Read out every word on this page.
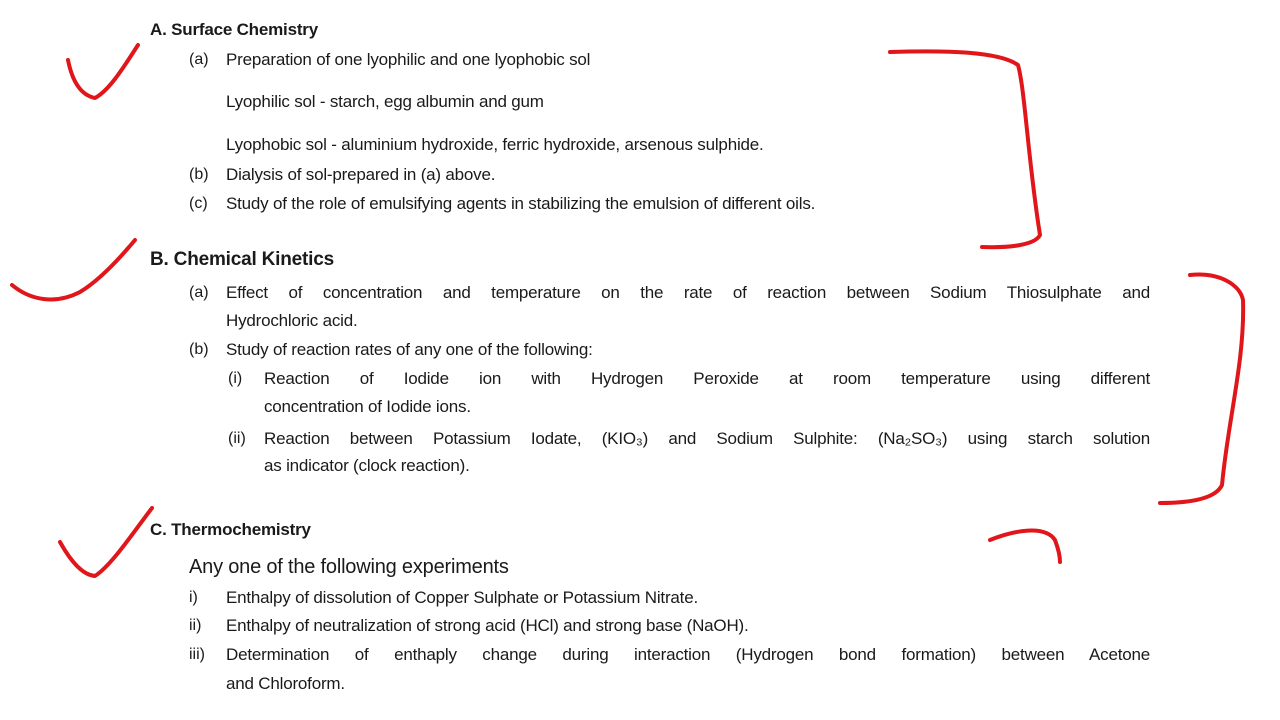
A. Surface Chemistry
(a) Preparation of one lyophilic and one lyophobic sol
Lyophilic sol - starch, egg albumin and gum
Lyophobic sol - aluminium hydroxide, ferric hydroxide, arsenous sulphide.
(b) Dialysis of sol-prepared in (a) above.
(c) Study of the role of emulsifying agents in stabilizing the emulsion of different oils.
B. Chemical Kinetics
(a) Effect of concentration and temperature on the rate of reaction between Sodium Thiosulphate and
Hydrochloric acid.
(b) Study of reaction rates of any one of the following:
(i) Reaction of Iodide ion with Hydrogen Peroxide at room temperature using different
concentration of Iodide ions.
(ii) Reaction between Potassium Iodate, (KIO₃) and Sodium Sulphite: (Na₂SO₃) using starch solution
as indicator (clock reaction).
C. Thermochemistry
Any one of the following experiments
i) Enthalpy of dissolution of Copper Sulphate or Potassium Nitrate.
ii) Enthalpy of neutralization of strong acid (HCl) and strong base (NaOH).
iii) Determination of enthaply change during interaction (Hydrogen bond formation) between Acetone
and Chloroform.
